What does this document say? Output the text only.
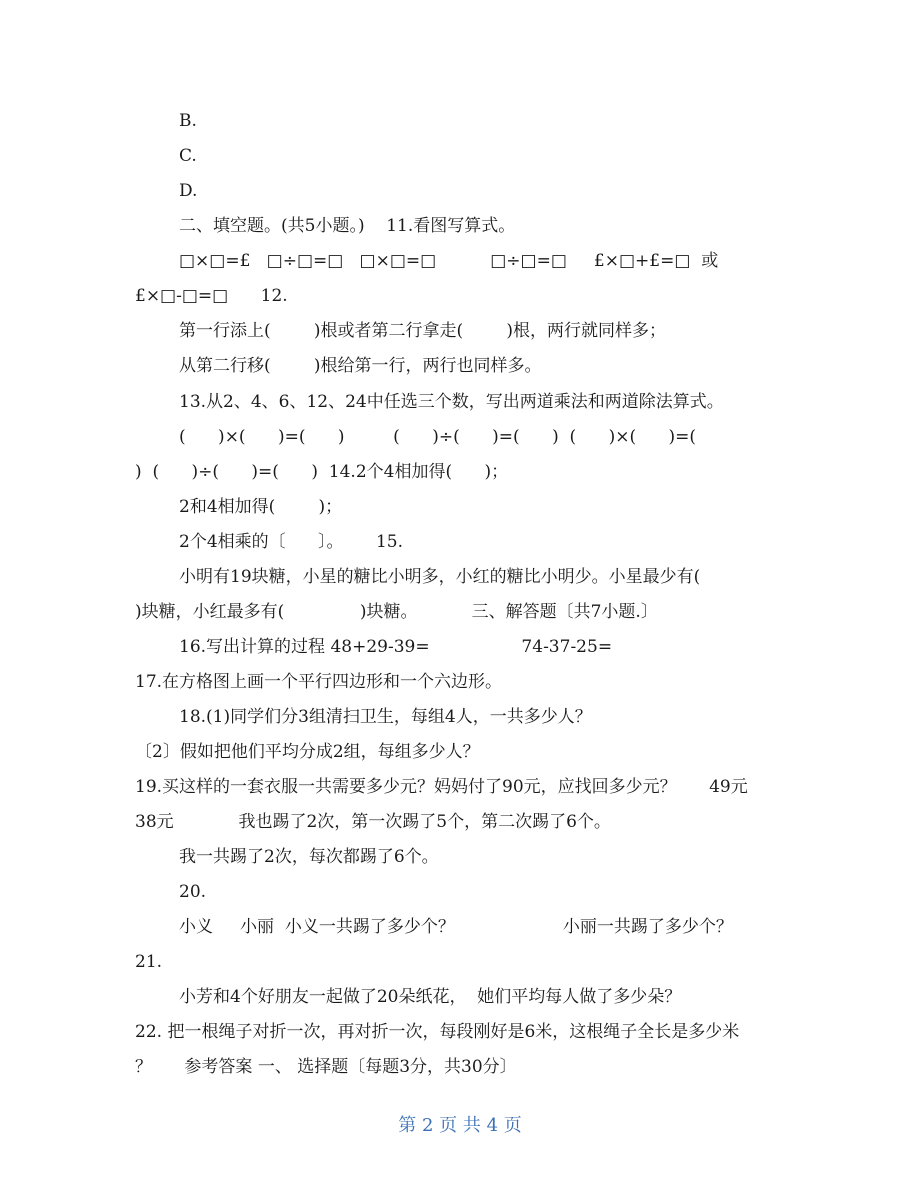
B.
C.
D.
二、填空题。(共5小题。)    11.看图写算式。
□×□=£   □÷□=□   □×□=□          □÷□=□     £×□+£=□  或
£×□-□=□      12.
第一行添上(        )根或者第二行拿走(        )根，两行就同样多；
从第二行移(        )根给第一行，两行也同样多。
13.从2、4、6、12、24中任选三个数，写出两道乘法和两道除法算式。
(      )×(      )=(      )         (      )÷(      )=(      )  (      )×(      )=(
)  (      )÷(      )=(      )  14.2个4相加得(      )；
2和4相加得(        )；
2个4相乘的〔      〕。      15.
小明有19块糖，小星的糖比小明多，小红的糖比小明少。小星最少有(
)块糖，小红最多有(              )块糖。          三、解答题〔共7小题.〕
16.写出计算的过程 48+29-39=                 74-37-25=
17.在方格图上画一个平行四边形和一个六边形。
18.(1)同学们分3组清扫卫生，每组4人，一共多少人？
〔2〕假如把他们平均分成2组，每组多少人？
19.买这样的一套衣服一共需要多少元？妈妈付了90元，应找回多少元？      49元
38元            我也踢了2次，第一次踢了5个，第二次踢了6个。
我一共踢了2次，每次都踢了6个。
20.
小义     小丽  小义一共踢了多少个？                    小丽一共踢了多少个？
21.
小芳和4个好朋友一起做了20朵纸花，  她们平均每人做了多少朵？
22. 把一根绳子对折一次，再对折一次，每段刚好是6米，这根绳子全长是多少米
？      参考答案 一、 选择题〔每题3分，共30分〕
第 2 页 共 4 页
